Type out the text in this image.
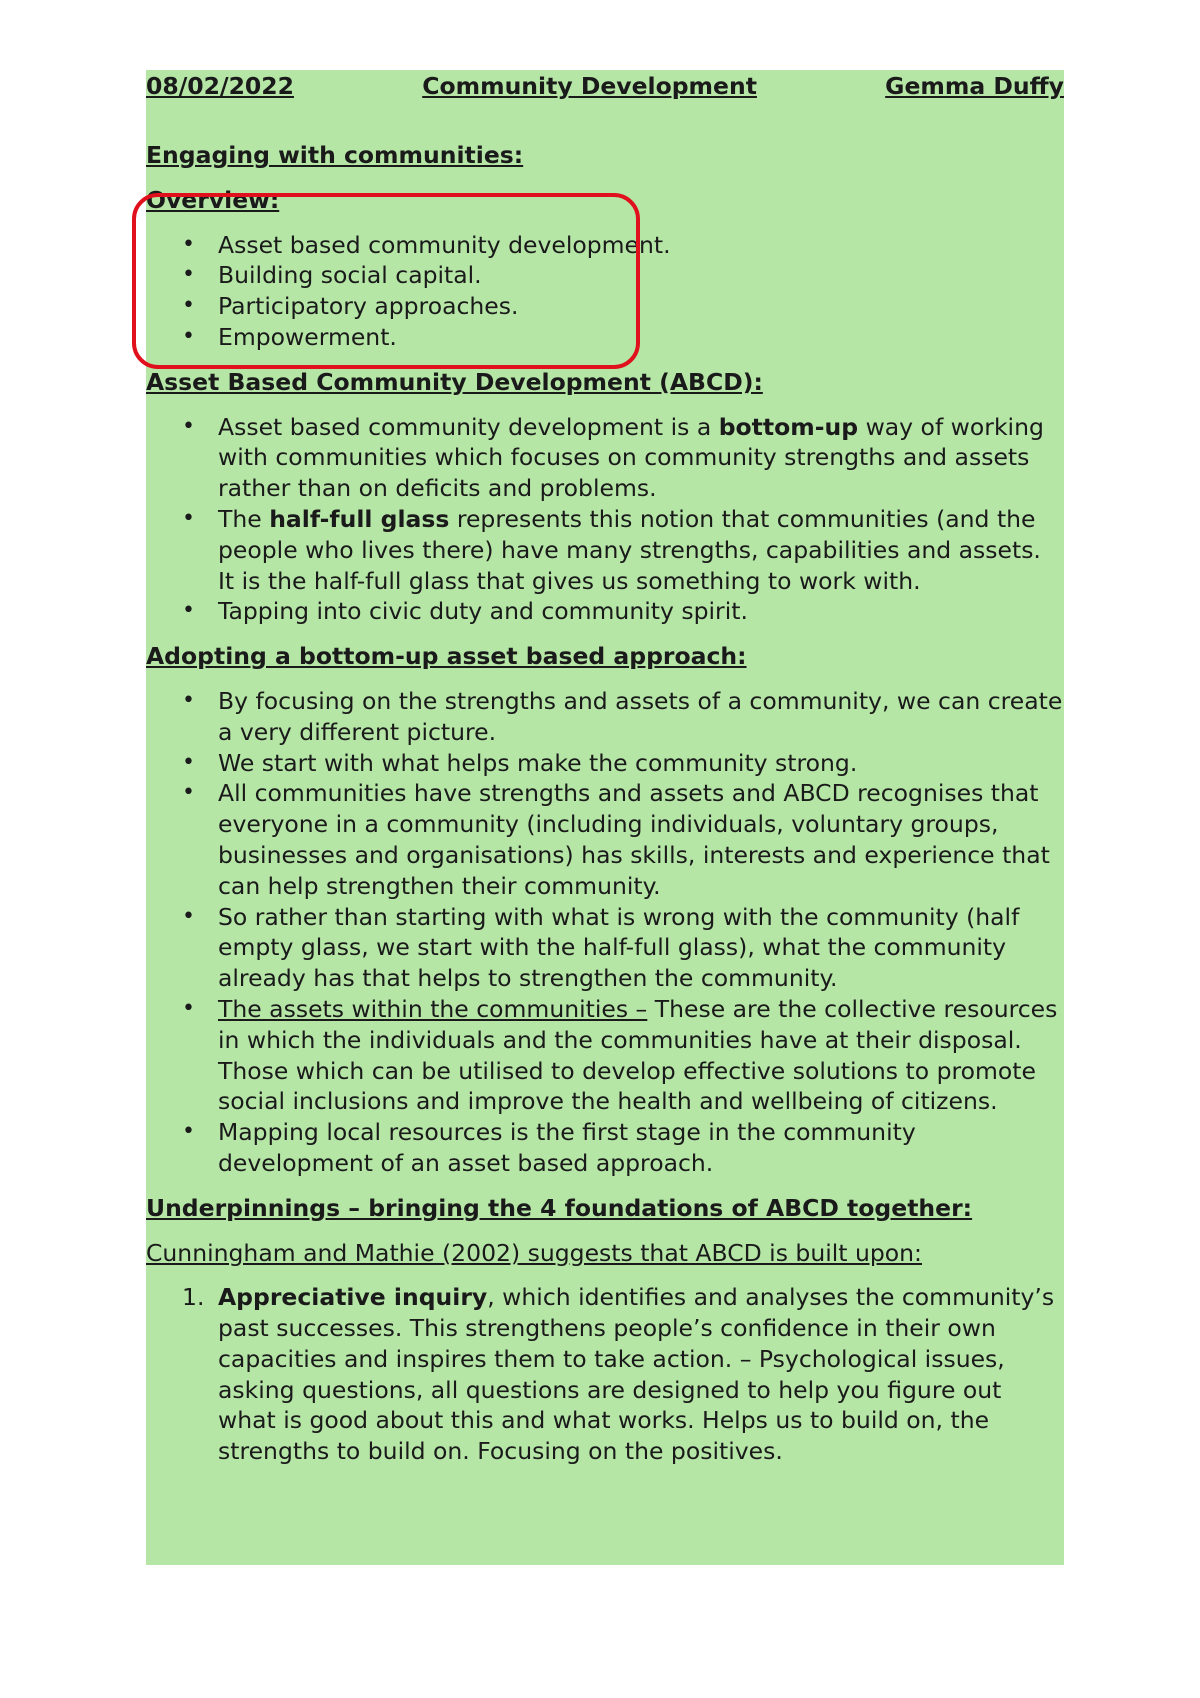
08/02/2022	Community Development	Gemma Duffy
Engaging with communities:
Overview:
• Asset based community development.
• Building social capital.
• Participatory approaches.
• Empowerment.
Asset Based Community Development (ABCD):
• Asset based community development is a bottom-up way of working with communities which focuses on community strengths and assets rather than on deficits and problems.
• The half-full glass represents this notion that communities (and the people who lives there) have many strengths, capabilities and assets. It is the half-full glass that gives us something to work with.
• Tapping into civic duty and community spirit.
Adopting a bottom-up asset based approach:
• By focusing on the strengths and assets of a community, we can create a very different picture.
• We start with what helps make the community strong.
• All communities have strengths and assets and ABCD recognises that everyone in a community (including individuals, voluntary groups, businesses and organisations) has skills, interests and experience that can help strengthen their community.
• So rather than starting with what is wrong with the community (half empty glass, we start with the half-full glass), what the community already has that helps to strengthen the community.
• The assets within the communities – These are the collective resources in which the individuals and the communities have at their disposal. Those which can be utilised to develop effective solutions to promote social inclusions and improve the health and wellbeing of citizens.
• Mapping local resources is the first stage in the community development of an asset based approach.
Underpinnings – bringing the 4 foundations of ABCD together:

Cunningham and Mathie (2002) suggests that ABCD is built upon:

1. Appreciative inquiry, which identifies and analyses the community’s past successes. This strengthens people’s confidence in their own capacities and inspires them to take action. – Psychological issues, asking questions, all questions are designed to help you figure out what is good about this and what works. Helps us to build on, the strengths to build on. Focusing on the positives.
